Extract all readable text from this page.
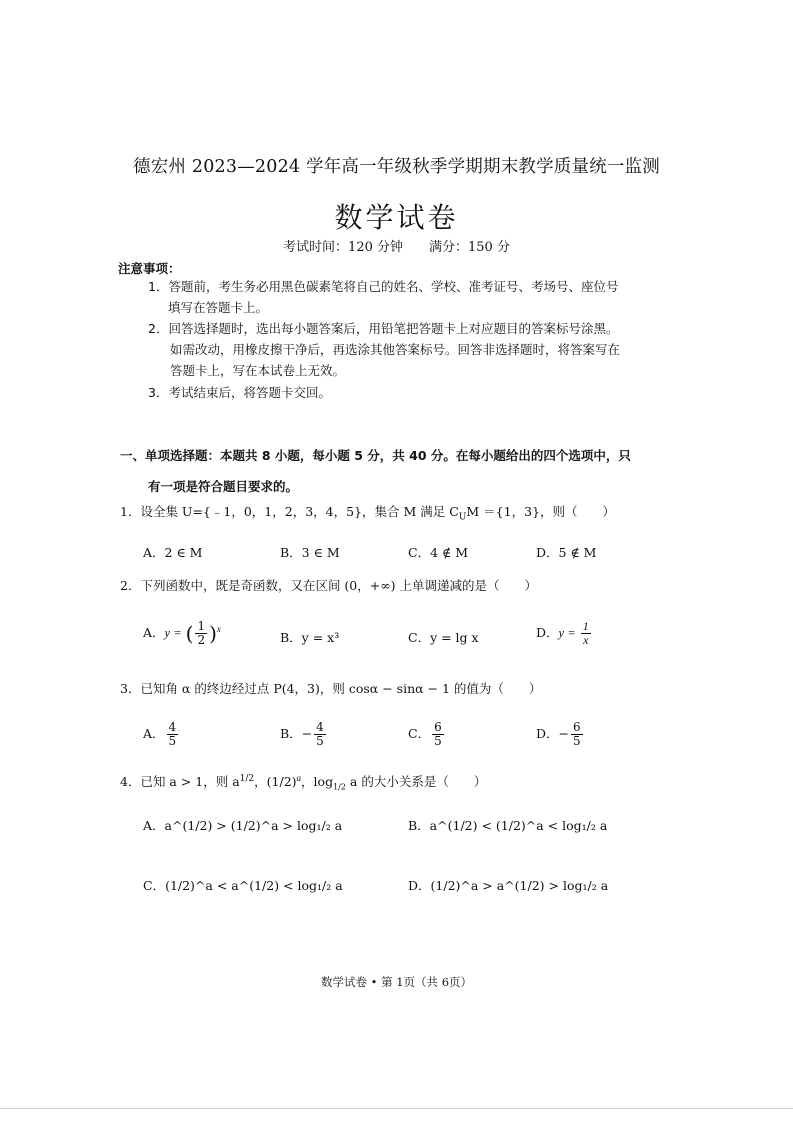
德宏州 2023—2024 学年高一年级秋季学期期末教学质量统一监测
数学试卷
考试时间：120 分钟　　满分：150 分
注意事项：
1．答题前，考生务必用黑色碳素笔将自己的姓名、学校、准考证号、考场号、座位号
填写在答题卡上。
2．回答选择题时，选出每小题答案后，用铅笔把答题卡上对应题目的答案标号涂黑。
如需改动，用橡皮擦干净后，再选涂其他答案标号。回答非选择题时，将答案写在
答题卡上，写在本试卷上无效。
3．考试结束后，将答题卡交回。
一、单项选择题：本题共 8 小题，每小题 5 分，共 40 分。在每小题给出的四个选项中，只
有一项是符合题目要求的。
1．设全集 U={﹣1，0，1，2，3，4，5}，集合 M 满足 $C_UM =\{1$，3}，则（　　）
A．2 ∈ M	B．3 ∈ M	C．4 ∉ M	D．5 ∉ M
2．下列函数中，既是奇函数，又在区间 (0，+∞) 上单调递减的是（　　）
A．y = ( $\frac{1}{2} )^x$
B．y = x³	C．y = lg x	D．$y = \frac{1}{x}$
3．已知角 α 的终边经过点 P(4，3)，则 cosα − sinα − 1 的值为（　　）
A． $\frac{4}{5}$	B．− $\frac{4}{5}$	C． $\frac{6}{5}$	D．− $\frac{6}{5}$
4．已知 a > 1，则 $a^{1/2}$，$(1/2)^a$，$\log_{1/2} a$ 的大小关系是（　　）
A．a^(1/2) > (1/2)^a > log₁/₂ a	B．a^(1/2) < (1/2)^a < log₁/₂ a
C．(1/2)^a < a^(1/2) < log₁/₂ a	D．(1/2)^a > a^(1/2) > log₁/₂ a
数学试卷 • 第 1页（共 6页）
